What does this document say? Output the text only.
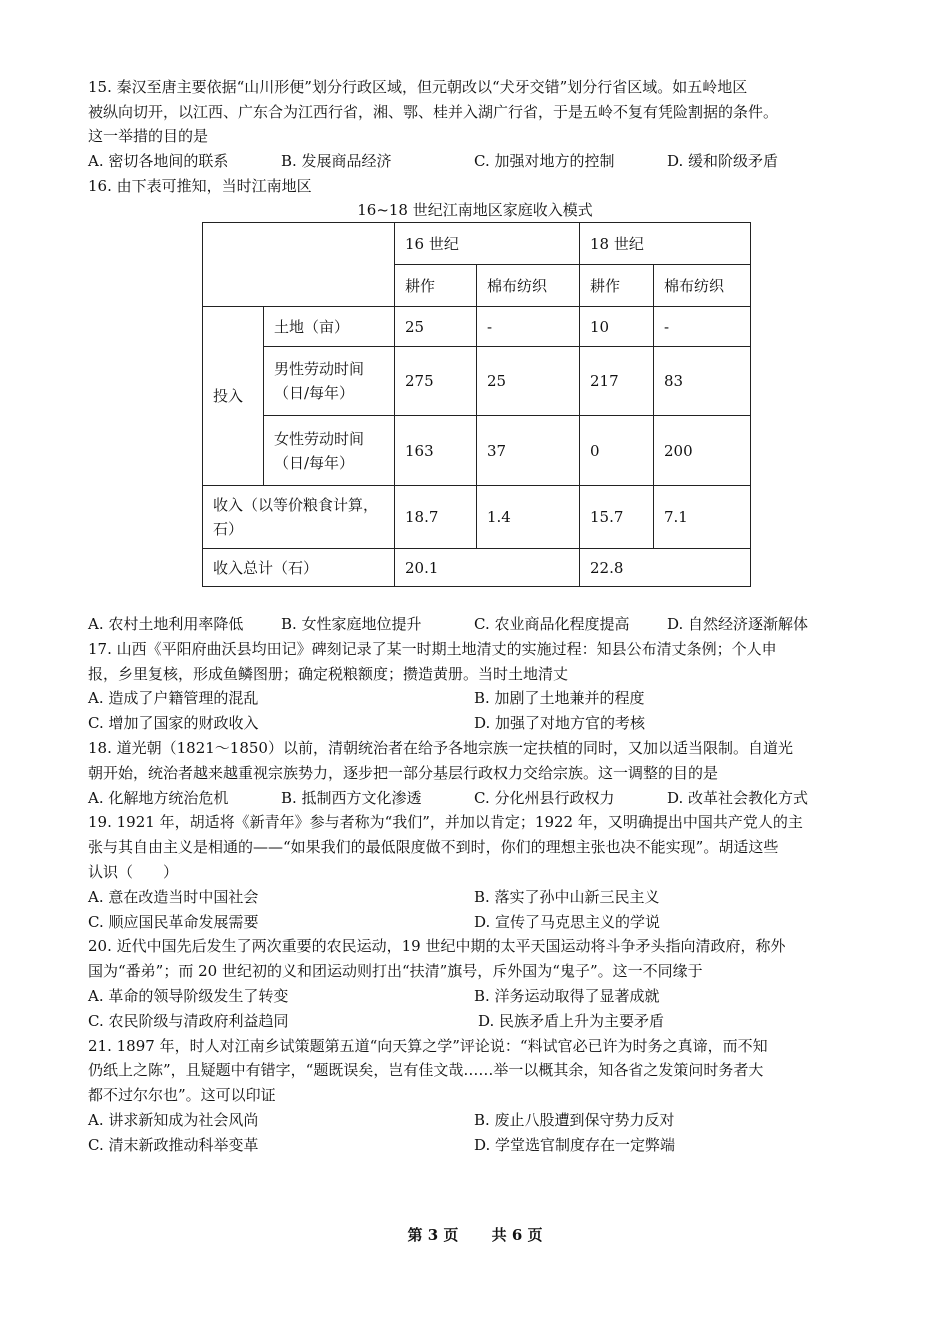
15. 秦汉至唐主要依据“山川形便”划分行政区域，但元朝改以“犬牙交错”划分行省区域。如五岭地区
被纵向切开，以江西、广东合为江西行省，湘、鄂、桂并入湖广行省，于是五岭不复有凭险割据的条件。
这一举措的目的是
A. 密切各地间的联系	B. 发展商品经济	C. 加强对地方的控制	D. 缓和阶级矛盾
16. 由下表可推知，当时江南地区
16~18 世纪江南地区家庭收入模式
		16 世纪		18 世纪	
		耕作	棉布纺织	耕作	棉布纺织
投入	土地（亩）	25	-	10	-
	男性劳动时间（日/每年）	275	25	217	83
	女性劳动时间（日/每年）	163	37	0	200
收入（以等价粮食计算，石）		18.7	1.4	15.7	7.1
收入总计（石）		20.1		22.8	
A. 农村土地利用率降低	B. 女性家庭地位提升	C. 农业商品化程度提高	D. 自然经济逐渐解体
17. 山西《平阳府曲沃县均田记》碑刻记录了某一时期土地清丈的实施过程：知县公布清丈条例；个人申
报，乡里复核，形成鱼鳞图册；确定税粮额度；攒造黄册。当时土地清丈
A. 造成了户籍管理的混乱	B. 加剧了土地兼并的程度
C. 增加了国家的财政收入	D. 加强了对地方官的考核
18. 道光朝（1821～1850）以前，清朝统治者在给予各地宗族一定扶植的同时，又加以适当限制。自道光
朝开始，统治者越来越重视宗族势力，逐步把一部分基层行政权力交给宗族。这一调整的目的是
A. 化解地方统治危机	B. 抵制西方文化渗透	C. 分化州县行政权力	D. 改革社会教化方式
19. 1921 年，胡适将《新青年》参与者称为“我们”，并加以肯定；1922 年，又明确提出中国共产党人的主
张与其自由主义是相通的——“如果我们的最低限度做不到时，你们的理想主张也决不能实现”。胡适这些
认识（　　）
A. 意在改造当时中国社会	B. 落实了孙中山新三民主义
C. 顺应国民革命发展需要	D. 宣传了马克思主义的学说
20. 近代中国先后发生了两次重要的农民运动，19 世纪中期的太平天国运动将斗争矛头指向清政府，称外
国为“番弟”；而 20 世纪初的义和团运动则打出“扶清”旗号，斥外国为“鬼子”。这一不同缘于
A. 革命的领导阶级发生了转变	B. 洋务运动取得了显著成就
C. 农民阶级与清政府利益趋同	D. 民族矛盾上升为主要矛盾
21. 1897 年，时人对江南乡试策题第五道“向天算之学”评论说：“料试官必已许为时务之真谛，而不知
仍纸上之陈”，且疑题中有错字，“题既误矣，岂有佳文哉……举一以概其余，知各省之发策问时务者大
都不过尔尔也”。这可以印证
A. 讲求新知成为社会风尚	B. 废止八股遭到保守势力反对
C. 清末新政推动科举变革	D. 学堂选官制度存在一定弊端
第 3 页 共 6 页
